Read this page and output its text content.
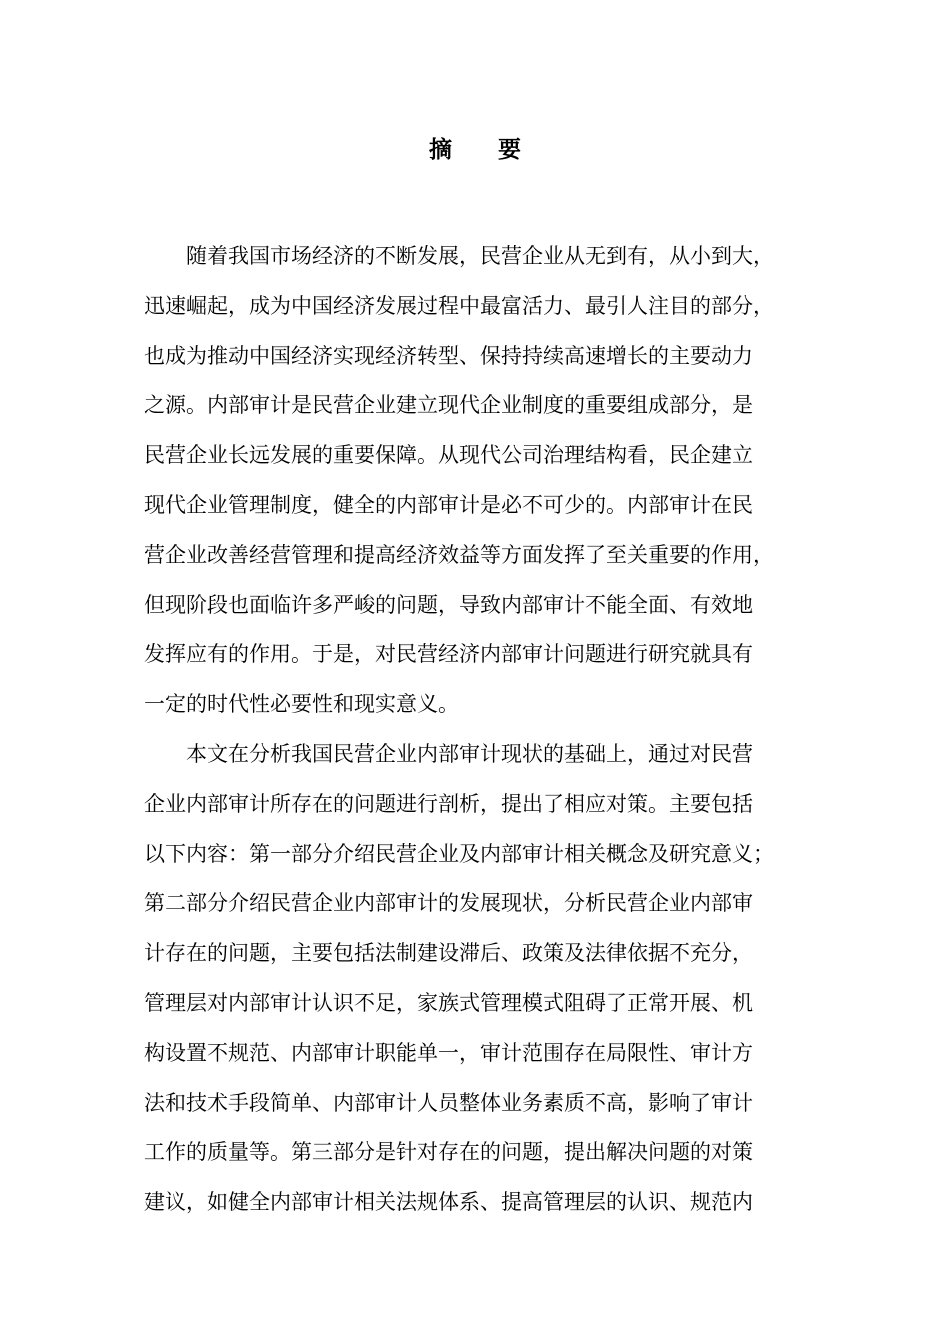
摘 要
随着我国市场经济的不断发展，民营企业从无到有，从小到大，
迅速崛起，成为中国经济发展过程中最富活力、最引人注目的部分，
也成为推动中国经济实现经济转型、保持持续高速增长的主要动力
之源。内部审计是民营企业建立现代企业制度的重要组成部分，是
民营企业长远发展的重要保障。从现代公司治理结构看，民企建立
现代企业管理制度，健全的内部审计是必不可少的。内部审计在民
营企业改善经营管理和提高经济效益等方面发挥了至关重要的作用，
但现阶段也面临许多严峻的问题，导致内部审计不能全面、有效地
发挥应有的作用。于是，对民营经济内部审计问题进行研究就具有
一定的时代性必要性和现实意义。
本文在分析我国民营企业内部审计现状的基础上，通过对民营
企业内部审计所存在的问题进行剖析，提出了相应对策。主要包括
以下内容：第一部分介绍民营企业及内部审计相关概念及研究意义；
第二部分介绍民营企业内部审计的发展现状，分析民营企业内部审
计存在的问题，主要包括法制建设滞后、政策及法律依据不充分，
管理层对内部审计认识不足，家族式管理模式阻碍了正常开展、机
构设置不规范、内部审计职能单一，审计范围存在局限性、审计方
法和技术手段简单、内部审计人员整体业务素质不高，影响了审计
工作的质量等。第三部分是针对存在的问题，提出解决问题的对策
建议，如健全内部审计相关法规体系、提高管理层的认识、规范内
